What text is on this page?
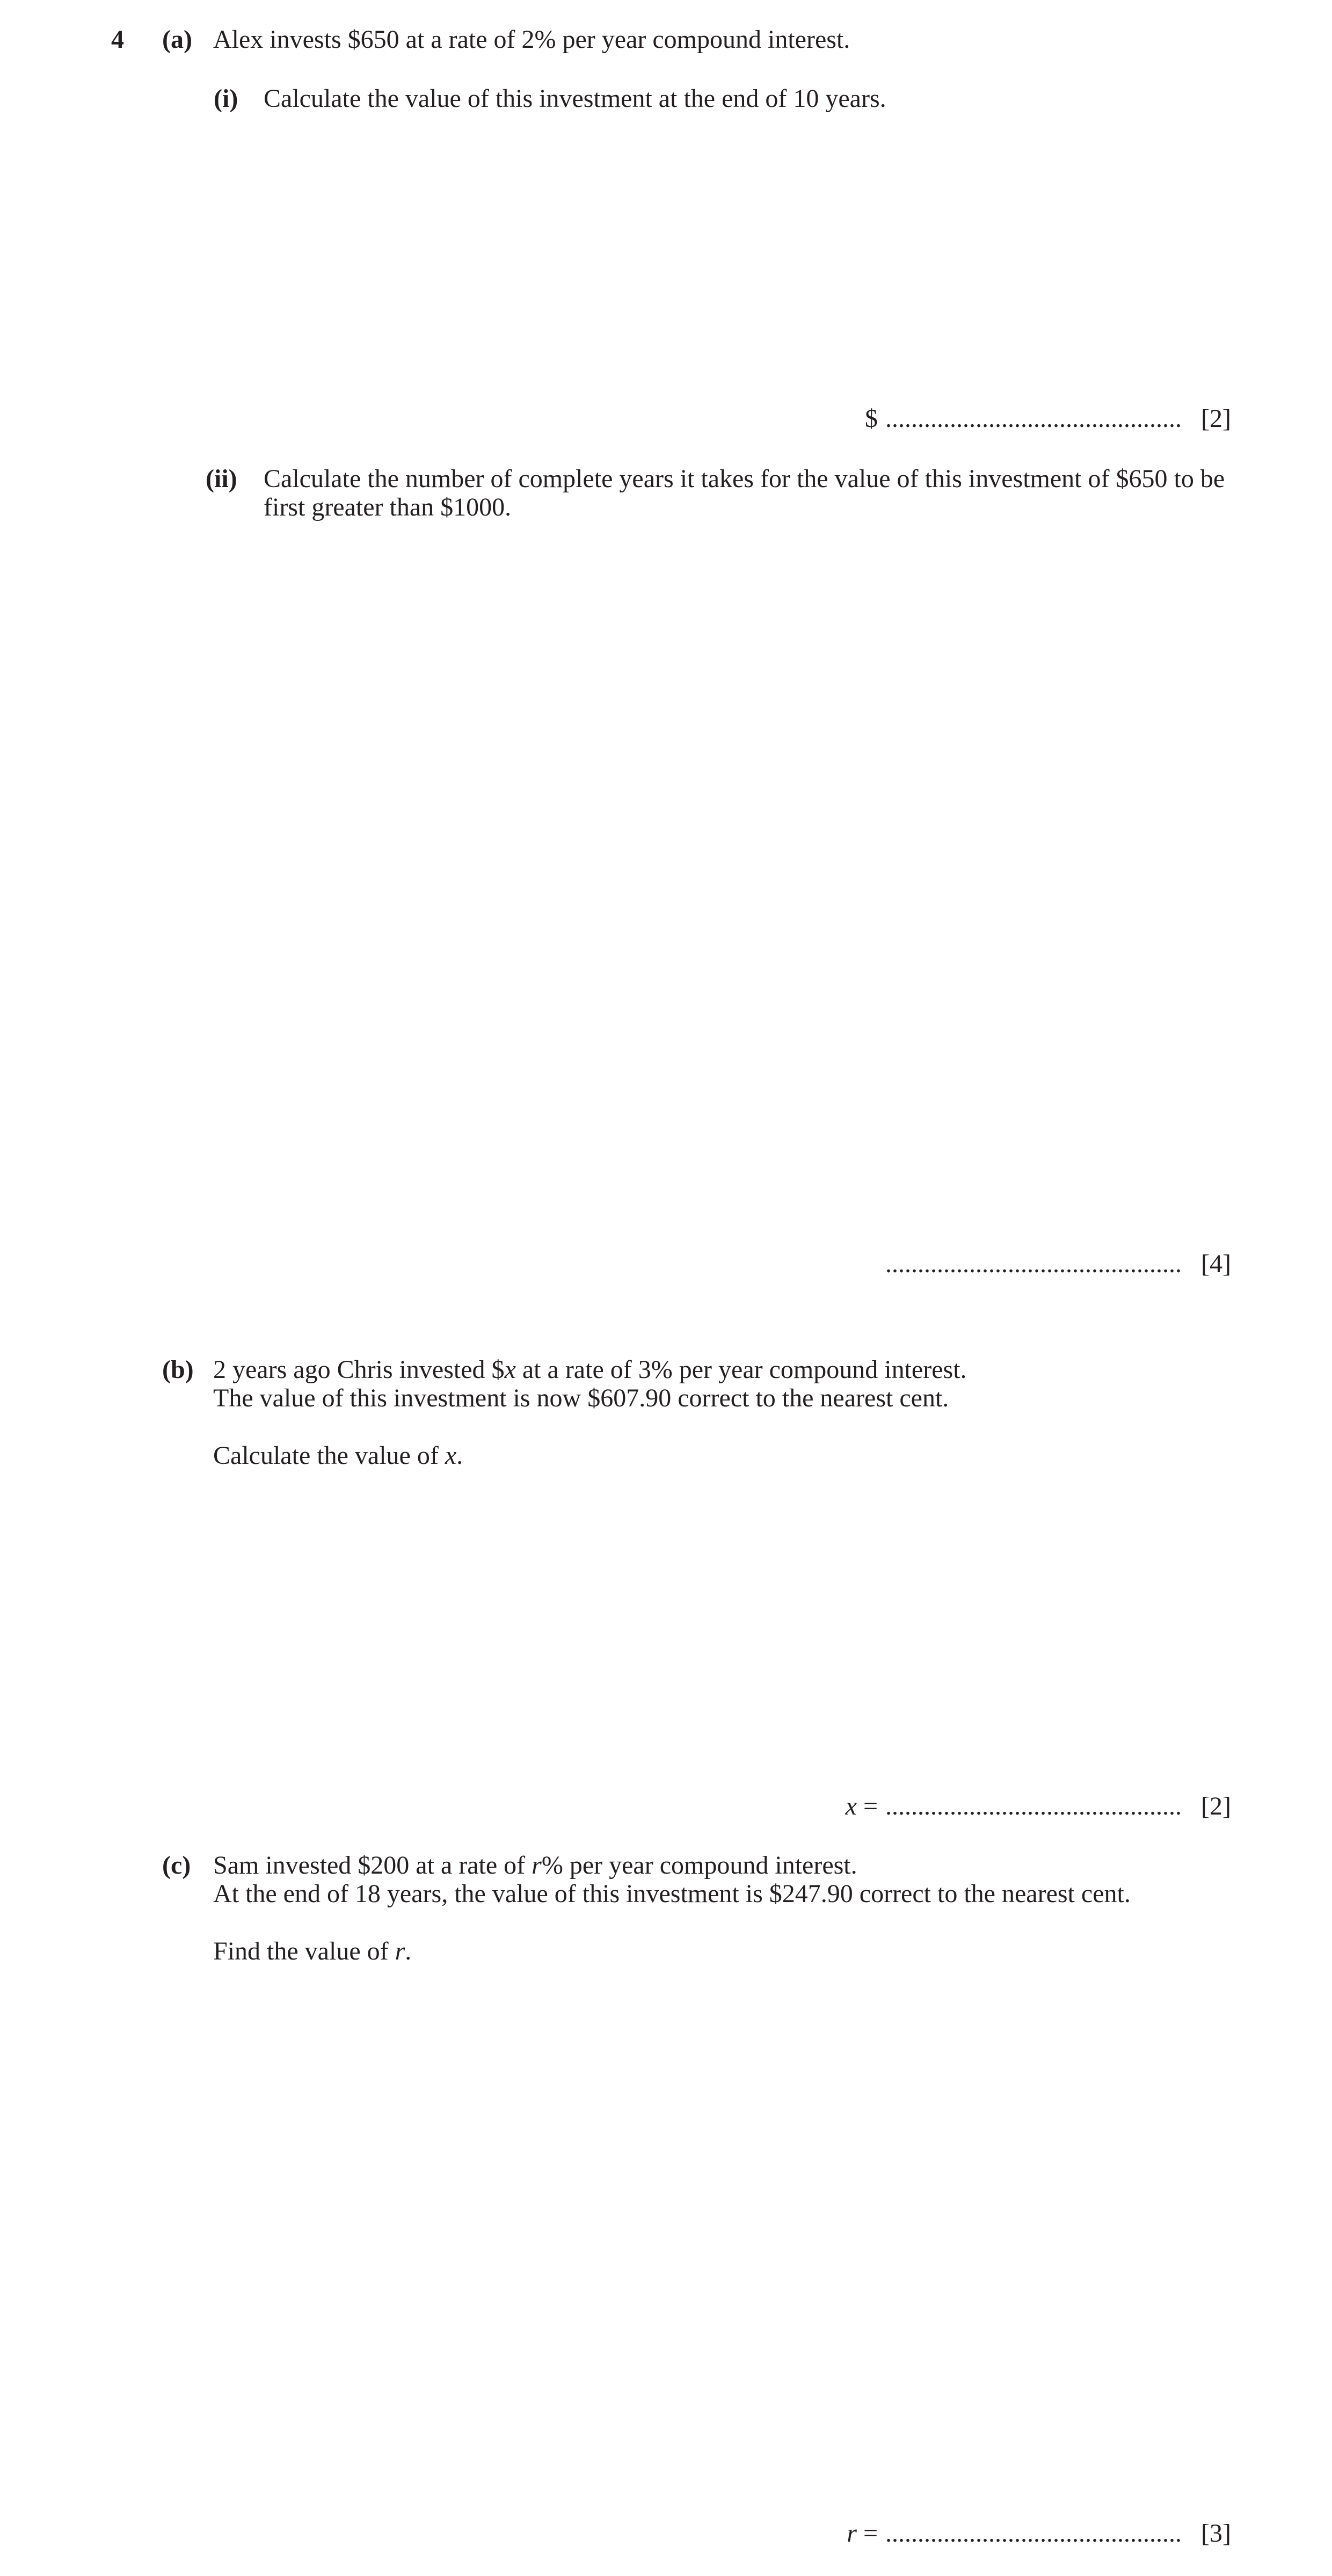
4 (a) Alex invests $650 at a rate of 2% per year compound interest.
(i) Calculate the value of this investment at the end of 10 years.
$ .............................................. [2]
(ii) Calculate the number of complete years it takes for the value of this investment of $650 to be
first greater than $1000.
.............................................. [4]
(b) 2 years ago Chris invested $x at a rate of 3% per year compound interest.
The value of this investment is now $607.90 correct to the nearest cent.
Calculate the value of x.
x = .............................................. [2]
(c) Sam invested $200 at a rate of r% per year compound interest.
At the end of 18 years, the value of this investment is $247.90 correct to the nearest cent.
Find the value of r.
r = .............................................. [3]
